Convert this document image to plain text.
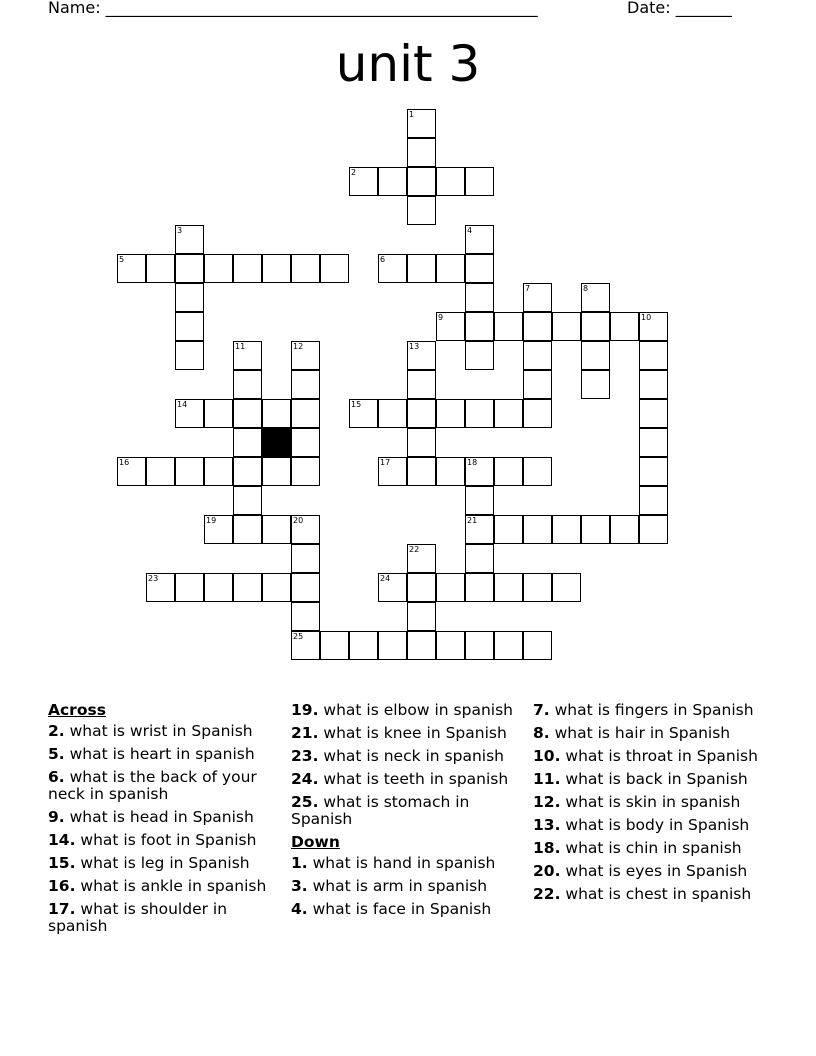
Name: ______________________________________________________	Date: _______
unit 3
1
2
3	4
5	6
7	8
9	10
11	12	13
14	15
16	17	18
21
19	20
22
23	24
25
Across
2. what is wrist in Spanish
5. what is heart in spanish
6. what is the back of your neck in spanish
9. what is head in Spanish
14. what is foot in Spanish
15. what is leg in Spanish
16. what is ankle in spanish
17. what is shoulder in spanish
19. what is elbow in spanish
21. what is knee in Spanish
23. what is neck in spanish
24. what is teeth in spanish
25. what is stomach in Spanish
Down
1. what is hand in spanish
3. what is arm in spanish
4. what is face in Spanish
7. what is fingers in Spanish
8. what is hair in Spanish
10. what is throat in Spanish
11. what is back in Spanish
12. what is skin in spanish
13. what is body in Spanish
18. what is chin in spanish
20. what is eyes in Spanish
22. what is chest in spanish
